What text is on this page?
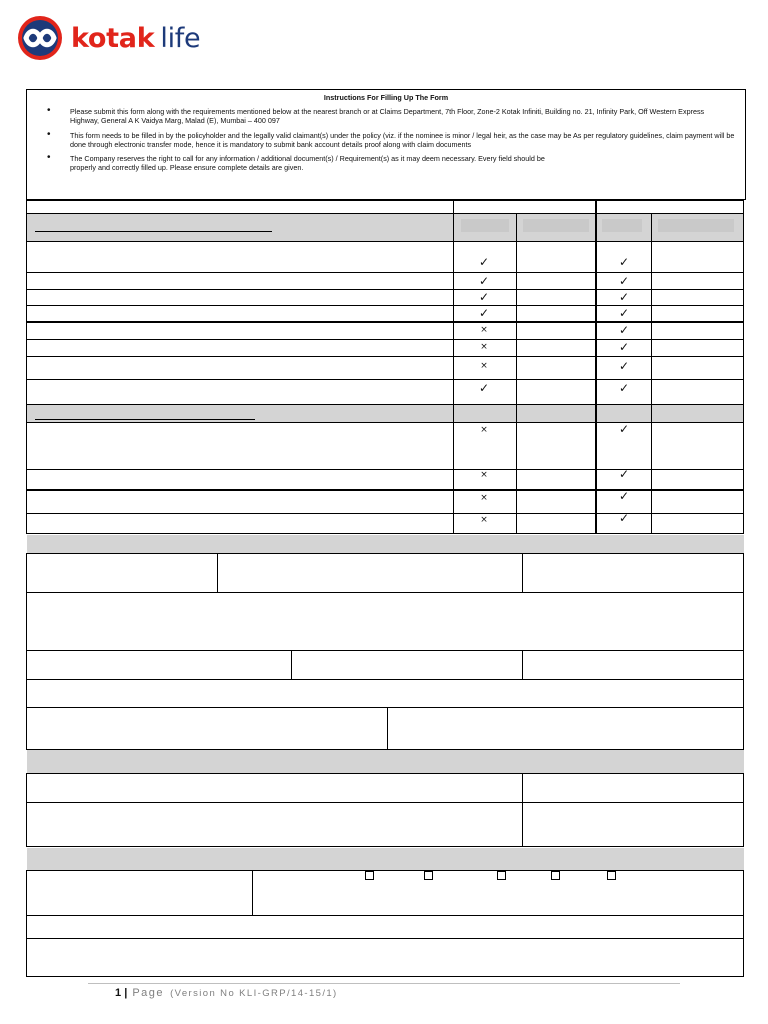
kotak life
Instructions For Filling Up The Form
• Please submit this form along with the requirements mentioned below at the nearest branch or at Claims Department, 7th Floor, Zone-2 Kotak Infiniti, Building no. 21, Infinity Park, Off Western Express Highway, General A K Vaidya Marg, Malad (E), Mumbai – 400 097
• This form needs to be filled in by the policyholder and the legally valid claimant(s) under the policy (viz. if the nominee is minor / legal heir, as the case may be As per regulatory guidelines, claim payment will be done through electronic transfer mode, hence it is mandatory to submit bank account details proof along with claim documents
• The Company reserves the right to call for any information / additional document(s) / Requirement(s) as it may deem necessary. Every field should be properly and correctly filled up. Please ensure complete details are given.
✓
✓
✓
✓
×
×
×
✓
×
×
×
×
✓
✓
✓
✓
✓
✓
✓
✓
✓
✓
✓
✓
1 | Page (Version No KLI-GRP/14-15/1)
